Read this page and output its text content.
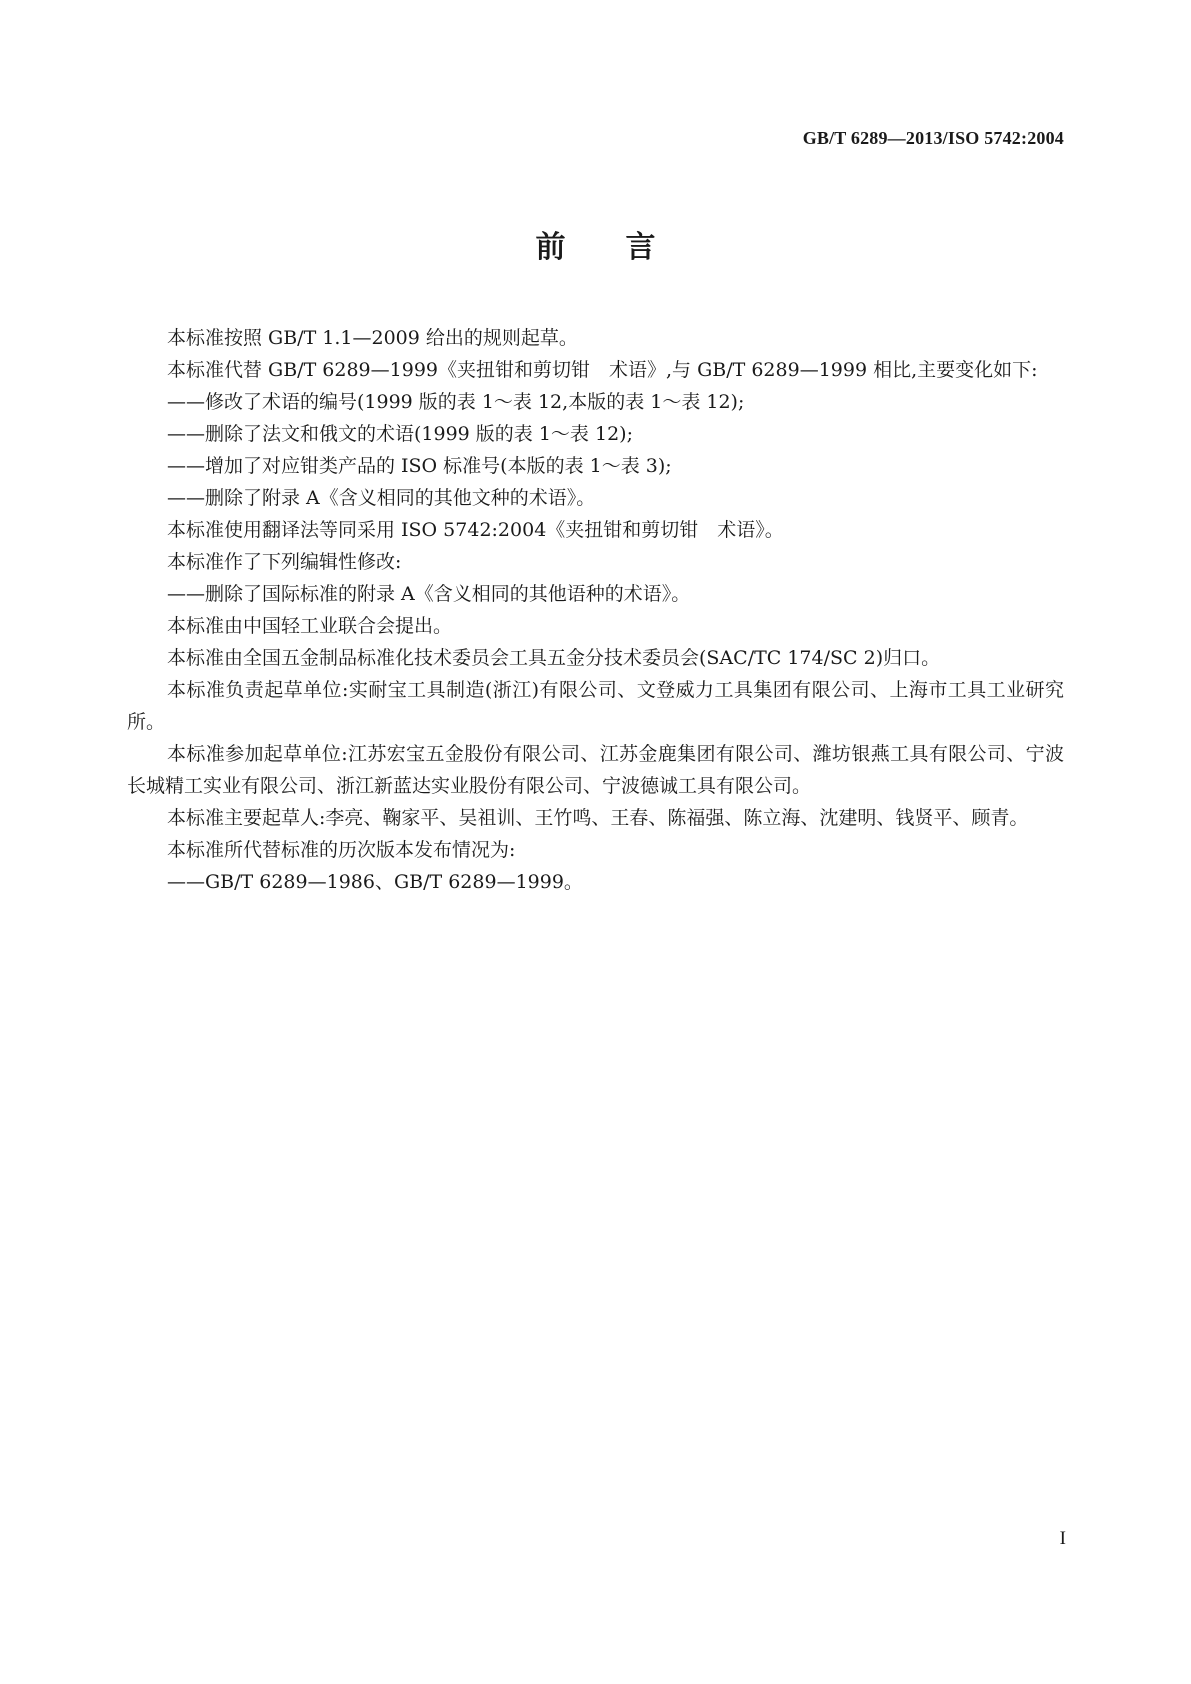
GB/T 6289—2013/ISO 5742:2004
前言

本标准按照 GB/T 1.1—2009 给出的规则起草。

本标准代替 GB/T 6289—1999《夹扭钳和剪切钳　术语》,与 GB/T 6289—1999 相比,主要变化如下:

——修改了术语的编号(1999 版的表 1～表 12,本版的表 1～表 12);

——删除了法文和俄文的术语(1999 版的表 1～表 12);

——增加了对应钳类产品的 ISO 标准号(本版的表 1～表 3);

——删除了附录 A《含义相同的其他文种的术语》。

本标准使用翻译法等同采用 ISO 5742:2004《夹扭钳和剪切钳　术语》。

本标准作了下列编辑性修改:

——删除了国际标准的附录 A《含义相同的其他语种的术语》。

本标准由中国轻工业联合会提出。

本标准由全国五金制品标准化技术委员会工具五金分技术委员会(SAC/TC 174/SC 2)归口。

本标准负责起草单位:实耐宝工具制造(浙江)有限公司、文登威力工具集团有限公司、上海市工具工业研究所。

本标准参加起草单位:江苏宏宝五金股份有限公司、江苏金鹿集团有限公司、潍坊银燕工具有限公司、宁波长城精工实业有限公司、浙江新蓝达实业股份有限公司、宁波德诚工具有限公司。

本标准主要起草人:李亮、鞠家平、吴祖训、王竹鸣、王春、陈福强、陈立海、沈建明、钱贤平、顾青。

本标准所代替标准的历次版本发布情况为:

——GB/T 6289—1986、GB/T 6289—1999。

I
